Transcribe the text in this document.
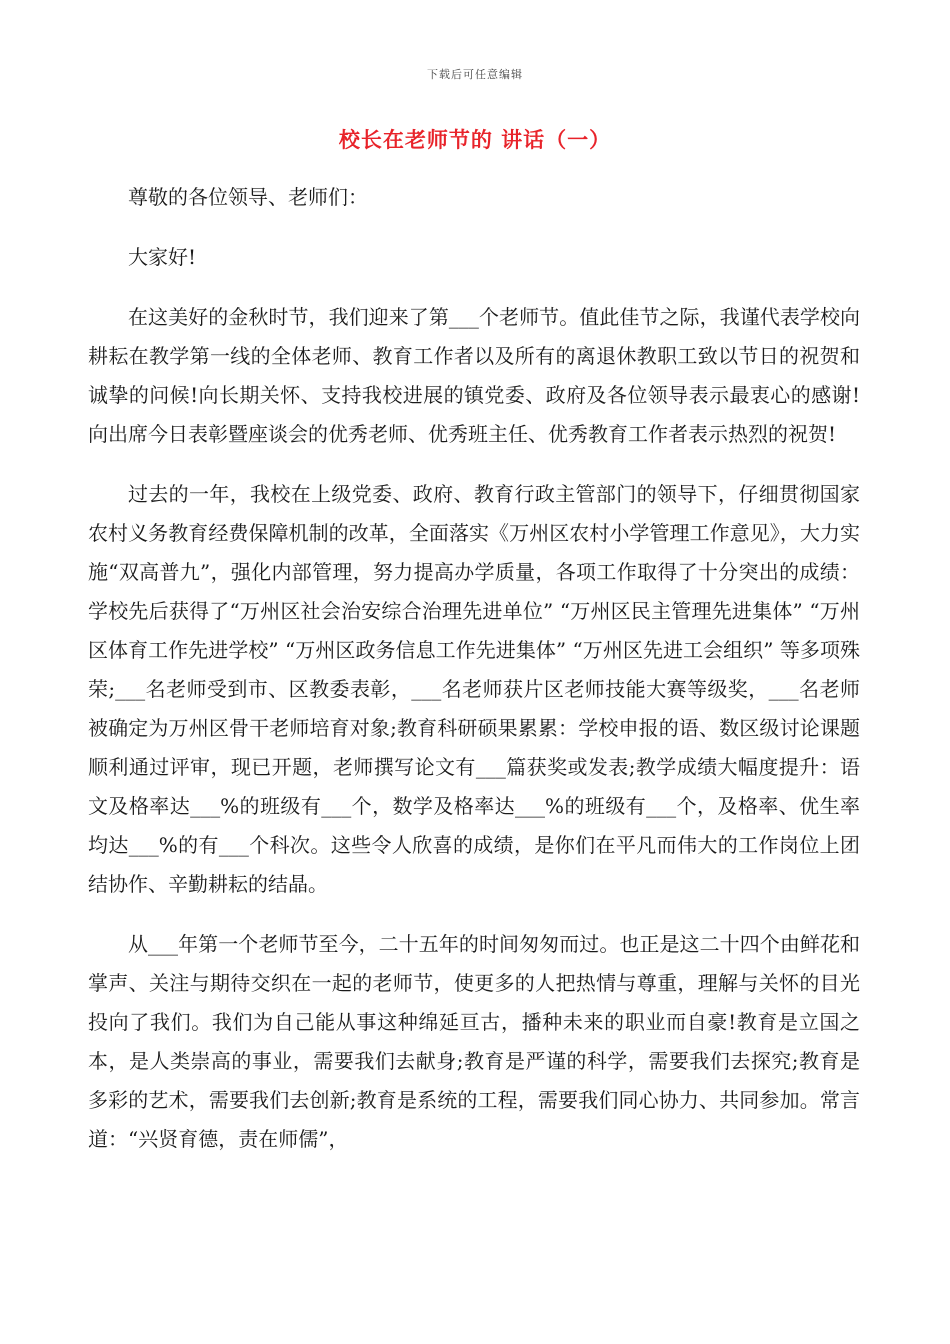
下载后可任意编辑
校长在老师节的 讲话（一）

尊敬的各位领导、老师们：

大家好!

在这美好的金秋时节，我们迎来了第___个老师节。值此佳节之际，我谨代表学校向耕耘在教学第一线的全体老师、教育工作者以及所有的离退休教职工致以节日的祝贺和诚挚的问候!向长期关怀、支持我校进展的镇党委、政府及各位领导表示最衷心的感谢!向出席今日表彰暨座谈会的优秀老师、优秀班主任、优秀教育工作者表示热烈的祝贺!

过去的一年，我校在上级党委、政府、教育行政主管部门的领导下，仔细贯彻国家农村义务教育经费保障机制的改革，全面落实《万州区农村小学管理工作意见》，大力实施“双高普九”，强化内部管理，努力提高办学质量，各项工作取得了十分突出的成绩：学校先后获得了“万州区社会治安综合治理先进单位” “万州区民主管理先进集体” “万州区体育工作先进学校” “万州区政务信息工作先进集体” “万州区先进工会组织” 等多项殊荣;___名老师受到市、区教委表彰，___名老师获片区老师技能大赛等级奖，___名老师被确定为万州区骨干老师培育对象;教育科研硕果累累：学校申报的语、数区级讨论课题顺利通过评审，现已开题，老师撰写论文有___篇获奖或发表;教学成绩大幅度提升：语文及格率达___%的班级有___个，数学及格率达___%的班级有___个，及格率、优生率均达___%的有___个科次。这些令人欣喜的成绩，是你们在平凡而伟大的工作岗位上团结协作、辛勤耕耘的结晶。

从___年第一个老师节至今，二十五年的时间匆匆而过。也正是这二十四个由鲜花和掌声、关注与期待交织在一起的老师节，使更多的人把热情与尊重，理解与关怀的目光投向了我们。我们为自己能从事这种绵延亘古，播种未来的职业而自豪!教育是立国之本，是人类崇高的事业，需要我们去献身;教育是严谨的科学，需要我们去探究;教育是多彩的艺术，需要我们去创新;教育是系统的工程，需要我们同心协力、共同参加。常言道：“兴贤育德，责在师儒”，
